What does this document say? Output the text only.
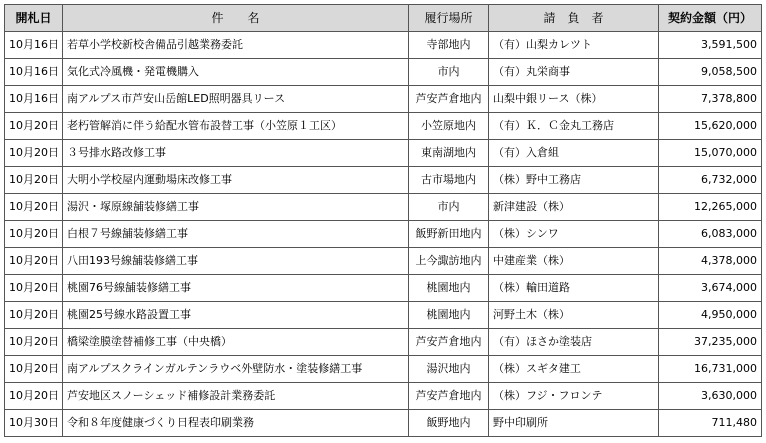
開札日	件　　名	履行場所	請　負　者	契約金額（円）
10月16日	若草小学校新校舎備品引越業務委託	寺部地内	（有）山梨カレツト	3,591,500
10月16日	気化式冷風機・発電機購入	市内	（有）丸栄商事	9,058,500
10月16日	南アルプス市芦安山岳館LED照明器具リース	芦安芦倉地内	山梨中銀リース（株）	7,378,800
10月20日	老朽管解消に伴う給配水管布設替工事（小笠原１工区）	小笠原地内	（有）Ｋ．Ｃ金丸工務店	15,620,000
10月20日	３号排水路改修工事	東南湖地内	（有）入倉組	15,070,000
10月20日	大明小学校屋内運動場床改修工事	古市場地内	（株）野中工務店	6,732,000
10月20日	湯沢・塚原線舗装修繕工事	市内	新津建設（株）	12,265,000
10月20日	白根７号線舗装修繕工事	飯野新田地内	（株）シンワ	6,083,000
10月20日	八田193号線舗装修繕工事	上今諏訪地内	中建産業（株）	4,378,000
10月20日	桃園76号線舗装修繕工事	桃園地内	（株）輸田道路	3,674,000
10月20日	桃園25号線水路設置工事	桃園地内	河野土木（株）	4,950,000
10月20日	橋梁塗膜塗替補修工事（中央橋）	芦安芦倉地内	（有）ほさか塗装店	37,235,000
10月20日	南アルプスクラインガルテンラウベ外壁防水・塗装修繕工事	湯沢地内	（株）スギタ建工	16,731,000
10月20日	芦安地区スノーシェッド補修設計業務委託	芦安芦倉地内	（株）フジ・フロンテ	3,630,000
10月30日	令和８年度健康づくり日程表印刷業務	飯野地内	野中印刷所	711,480
